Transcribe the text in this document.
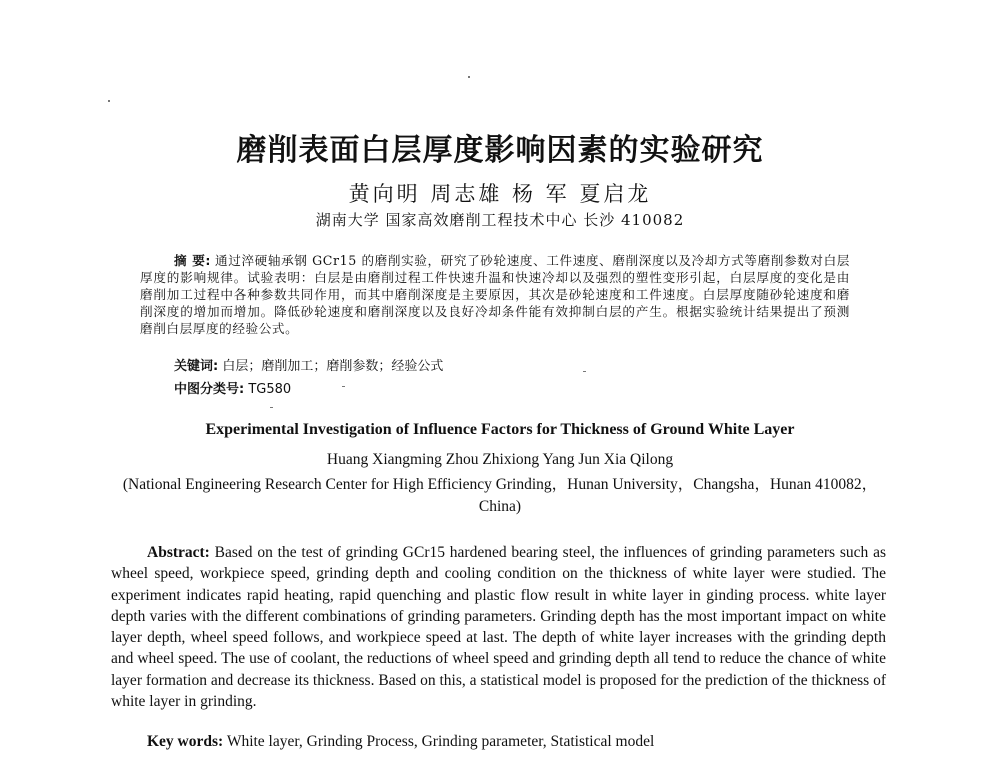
磨削表面白层厚度影响因素的实验研究
黄向明 周志雄 杨 军 夏启龙
湖南大学 国家高效磨削工程技术中心 长沙 410082
摘 要: 通过淬硬轴承钢 GCr15 的磨削实验，研究了砂轮速度、工件速度、磨削深度以及冷却方式等磨削参数对白层厚度的影响规律。试验表明：白层是由磨削过程工件快速升温和快速冷却以及强烈的塑性变形引起，白层厚度的变化是由磨削加工过程中各种参数共同作用，而其中磨削深度是主要原因，其次是砂轮速度和工件速度。白层厚度随砂轮速度和磨削深度的增加而增加。降低砂轮速度和磨削深度以及良好冷却条件能有效抑制白层的产生。根据实验统计结果提出了预测磨削白层厚度的经验公式。
关键词: 白层；磨削加工；磨削参数；经验公式
中图分类号: TG580
Experimental Investigation of Influence Factors for Thickness of Ground White Layer
Huang Xiangming Zhou Zhixiong Yang Jun Xia Qilong
(National Engineering Research Center for High Efficiency Grinding，Hunan University，Changsha，Hunan 410082，China)
Abstract: Based on the test of grinding GCr15 hardened bearing steel, the influences of grinding parameters such as wheel speed, workpiece speed, grinding depth and cooling condition on the thickness of white layer were studied. The experiment indicates rapid heating, rapid quenching and plastic flow result in white layer in ginding process. white layer depth varies with the different combinations of grinding parameters. Grinding depth has the most important impact on white layer depth, wheel speed follows, and workpiece speed at last. The depth of white layer increases with the grinding depth and wheel speed. The use of coolant, the reductions of wheel speed and grinding depth all tend to reduce the chance of white layer formation and decrease its thickness. Based on this, a statistical model is proposed for the prediction of the thickness of white layer in grinding.
Key words: White layer, Grinding Process, Grinding parameter, Statistical model
